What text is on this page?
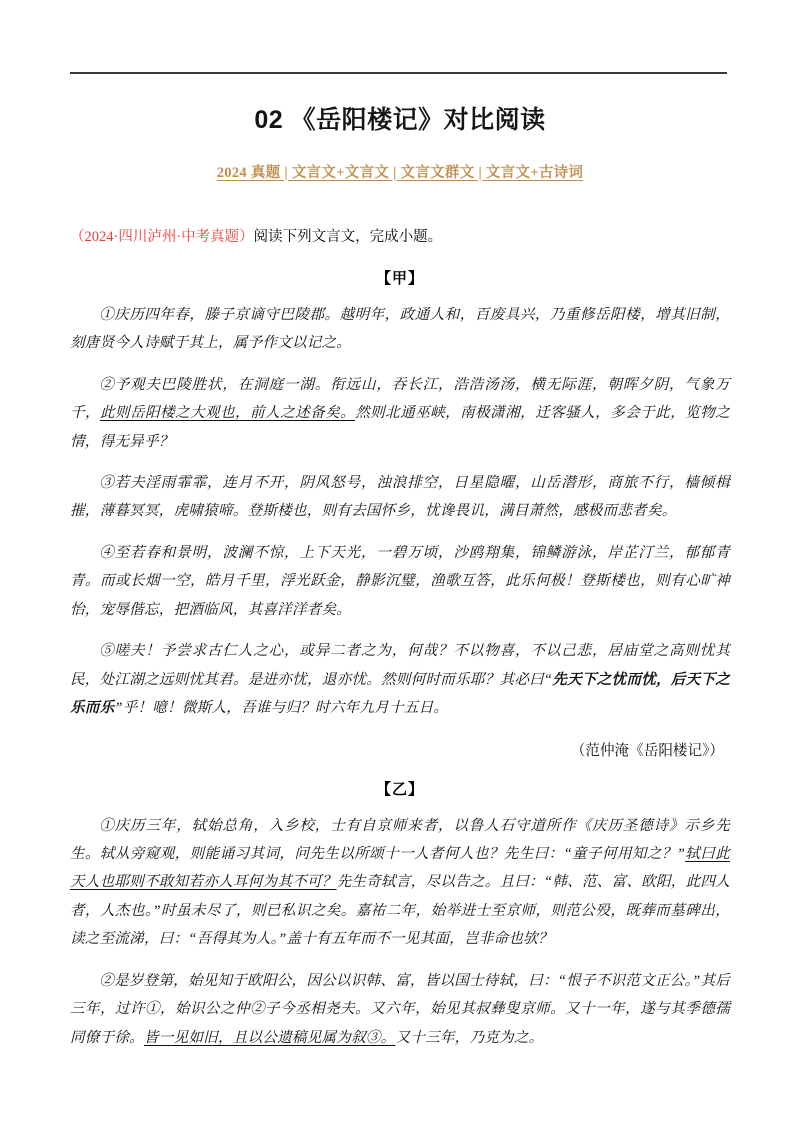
02 《岳阳楼记》对比阅读
2024 真题 | 文言文+文言文 | 文言文群文 | 文言文+古诗词

（2024·四川泸州·中考真题）阅读下列文言文，完成小题。

【甲】

①庆历四年春，滕子京谪守巴陵郡。越明年，政通人和，百废具兴，乃重修岳阳楼，增其旧制，刻唐贤今人诗赋于其上，属予作文以记之。

②予观夫巴陵胜状，在洞庭一湖。衔远山，吞长江，浩浩汤汤，横无际涯，朝晖夕阴，气象万千，此则岳阳楼之大观也，前人之述备矣。然则北通巫峡，南极潇湘，迁客骚人，多会于此，览物之情，得无异乎？

③若夫淫雨霏霏，连月不开，阴风怒号，浊浪排空，日星隐曜，山岳潜形，商旅不行，樯倾楫摧，薄暮冥冥，虎啸猿啼。登斯楼也，则有去国怀乡，忧谗畏讥，满目萧然，感极而悲者矣。

④至若春和景明，波澜不惊，上下天光，一碧万顷，沙鸥翔集，锦鳞游泳，岸芷汀兰，郁郁青青。而或长烟一空，皓月千里，浮光跃金，静影沉璧，渔歌互答，此乐何极！登斯楼也，则有心旷神怡，宠辱偕忘，把酒临风，其喜洋洋者矣。

⑤嗟夫！予尝求古仁人之心，或异二者之为，何哉？不以物喜，不以己悲，居庙堂之高则忧其民，处江湖之远则忧其君。是进亦忧，退亦忧。然则何时而乐耶？其必曰“先天下之忧而忧，后天下之乐而乐”乎！噫！微斯人，吾谁与归？时六年九月十五日。

（范仲淹《岳阳楼记》）

【乙】

①庆历三年，轼始总角，入乡校，士有自京师来者，以鲁人石守道所作《庆历圣德诗》示乡先生。轼从旁窥观，则能诵习其词，问先生以所颂十一人者何人也？先生曰：“童子何用知之？”轼曰此天人也耶则不敢知若亦人耳何为其不可？先生奇轼言，尽以告之。且曰：“韩、范、富、欧阳，此四人者，人杰也。”时虽未尽了，则已私识之矣。嘉祐二年，始举进士至京师，则范公殁，既葬而墓碑出，读之至流涕，曰：“吾得其为人。”盖十有五年而不一见其面，岂非命也欤？

②是岁登第，始见知于欧阳公，因公以识韩、富，皆以国士待轼，曰：“恨子不识范文正公。”其后三年，过许①，始识公之仲②子今丞相尧夫。又六年，始见其叔彝叟京师。又十一年，遂与其季德孺同僚于徐。皆一见如旧，且以公遗稿见属为叙③。又十三年，乃克为之。
